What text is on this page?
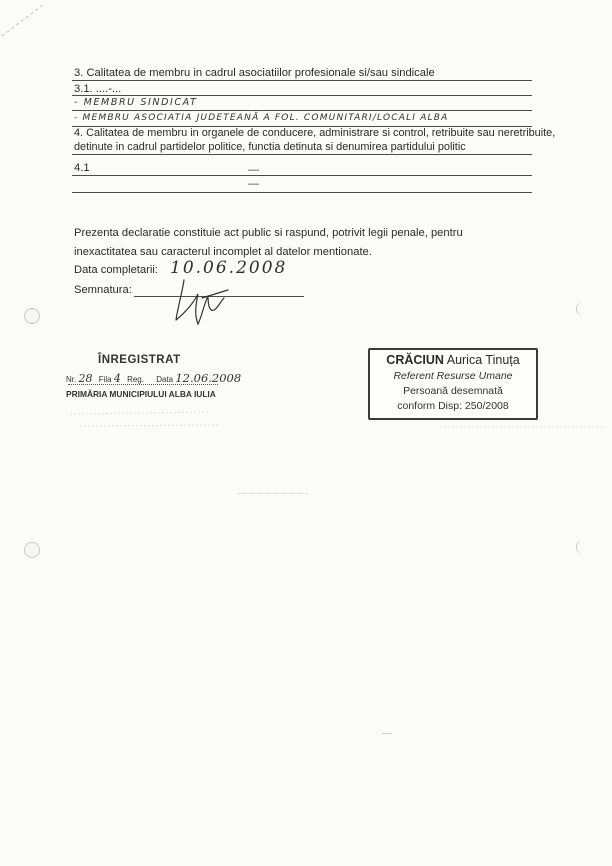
3. Calitatea de membru in cadrul asociatiilor profesionale si/sau sindicale
3.1. ....-...
- MEMBRU SINDICAT
- MEMBRU ASOCIATIA JUDETEANĂ A FOL. COMUNITARI/LOCALI ALBA
4. Calitatea de membru in organele de conducere, administrare si control, retribuite sau neretribuite,
detinute in cadrul partidelor politice, functia detinuta si denumirea partidului politic
4.1	—
—
Prezenta declaratie constituie act public si raspund, potrivit legii penale, pentru
inexactitatea sau caracterul incomplet al datelor mentionate.
Data completarii: 10.06.2008
Semnatura:
ÎNREGISTRAT
Nr. 28 Fila 4 Reg. Data 12.06.2008
PRIMĂRIA MUNICIPIULUI ALBA IULIA
CRĂCIUN Aurica Tinuța
Referent Resurse Umane
Persoană desemnată
conform Disp: 250/2008
